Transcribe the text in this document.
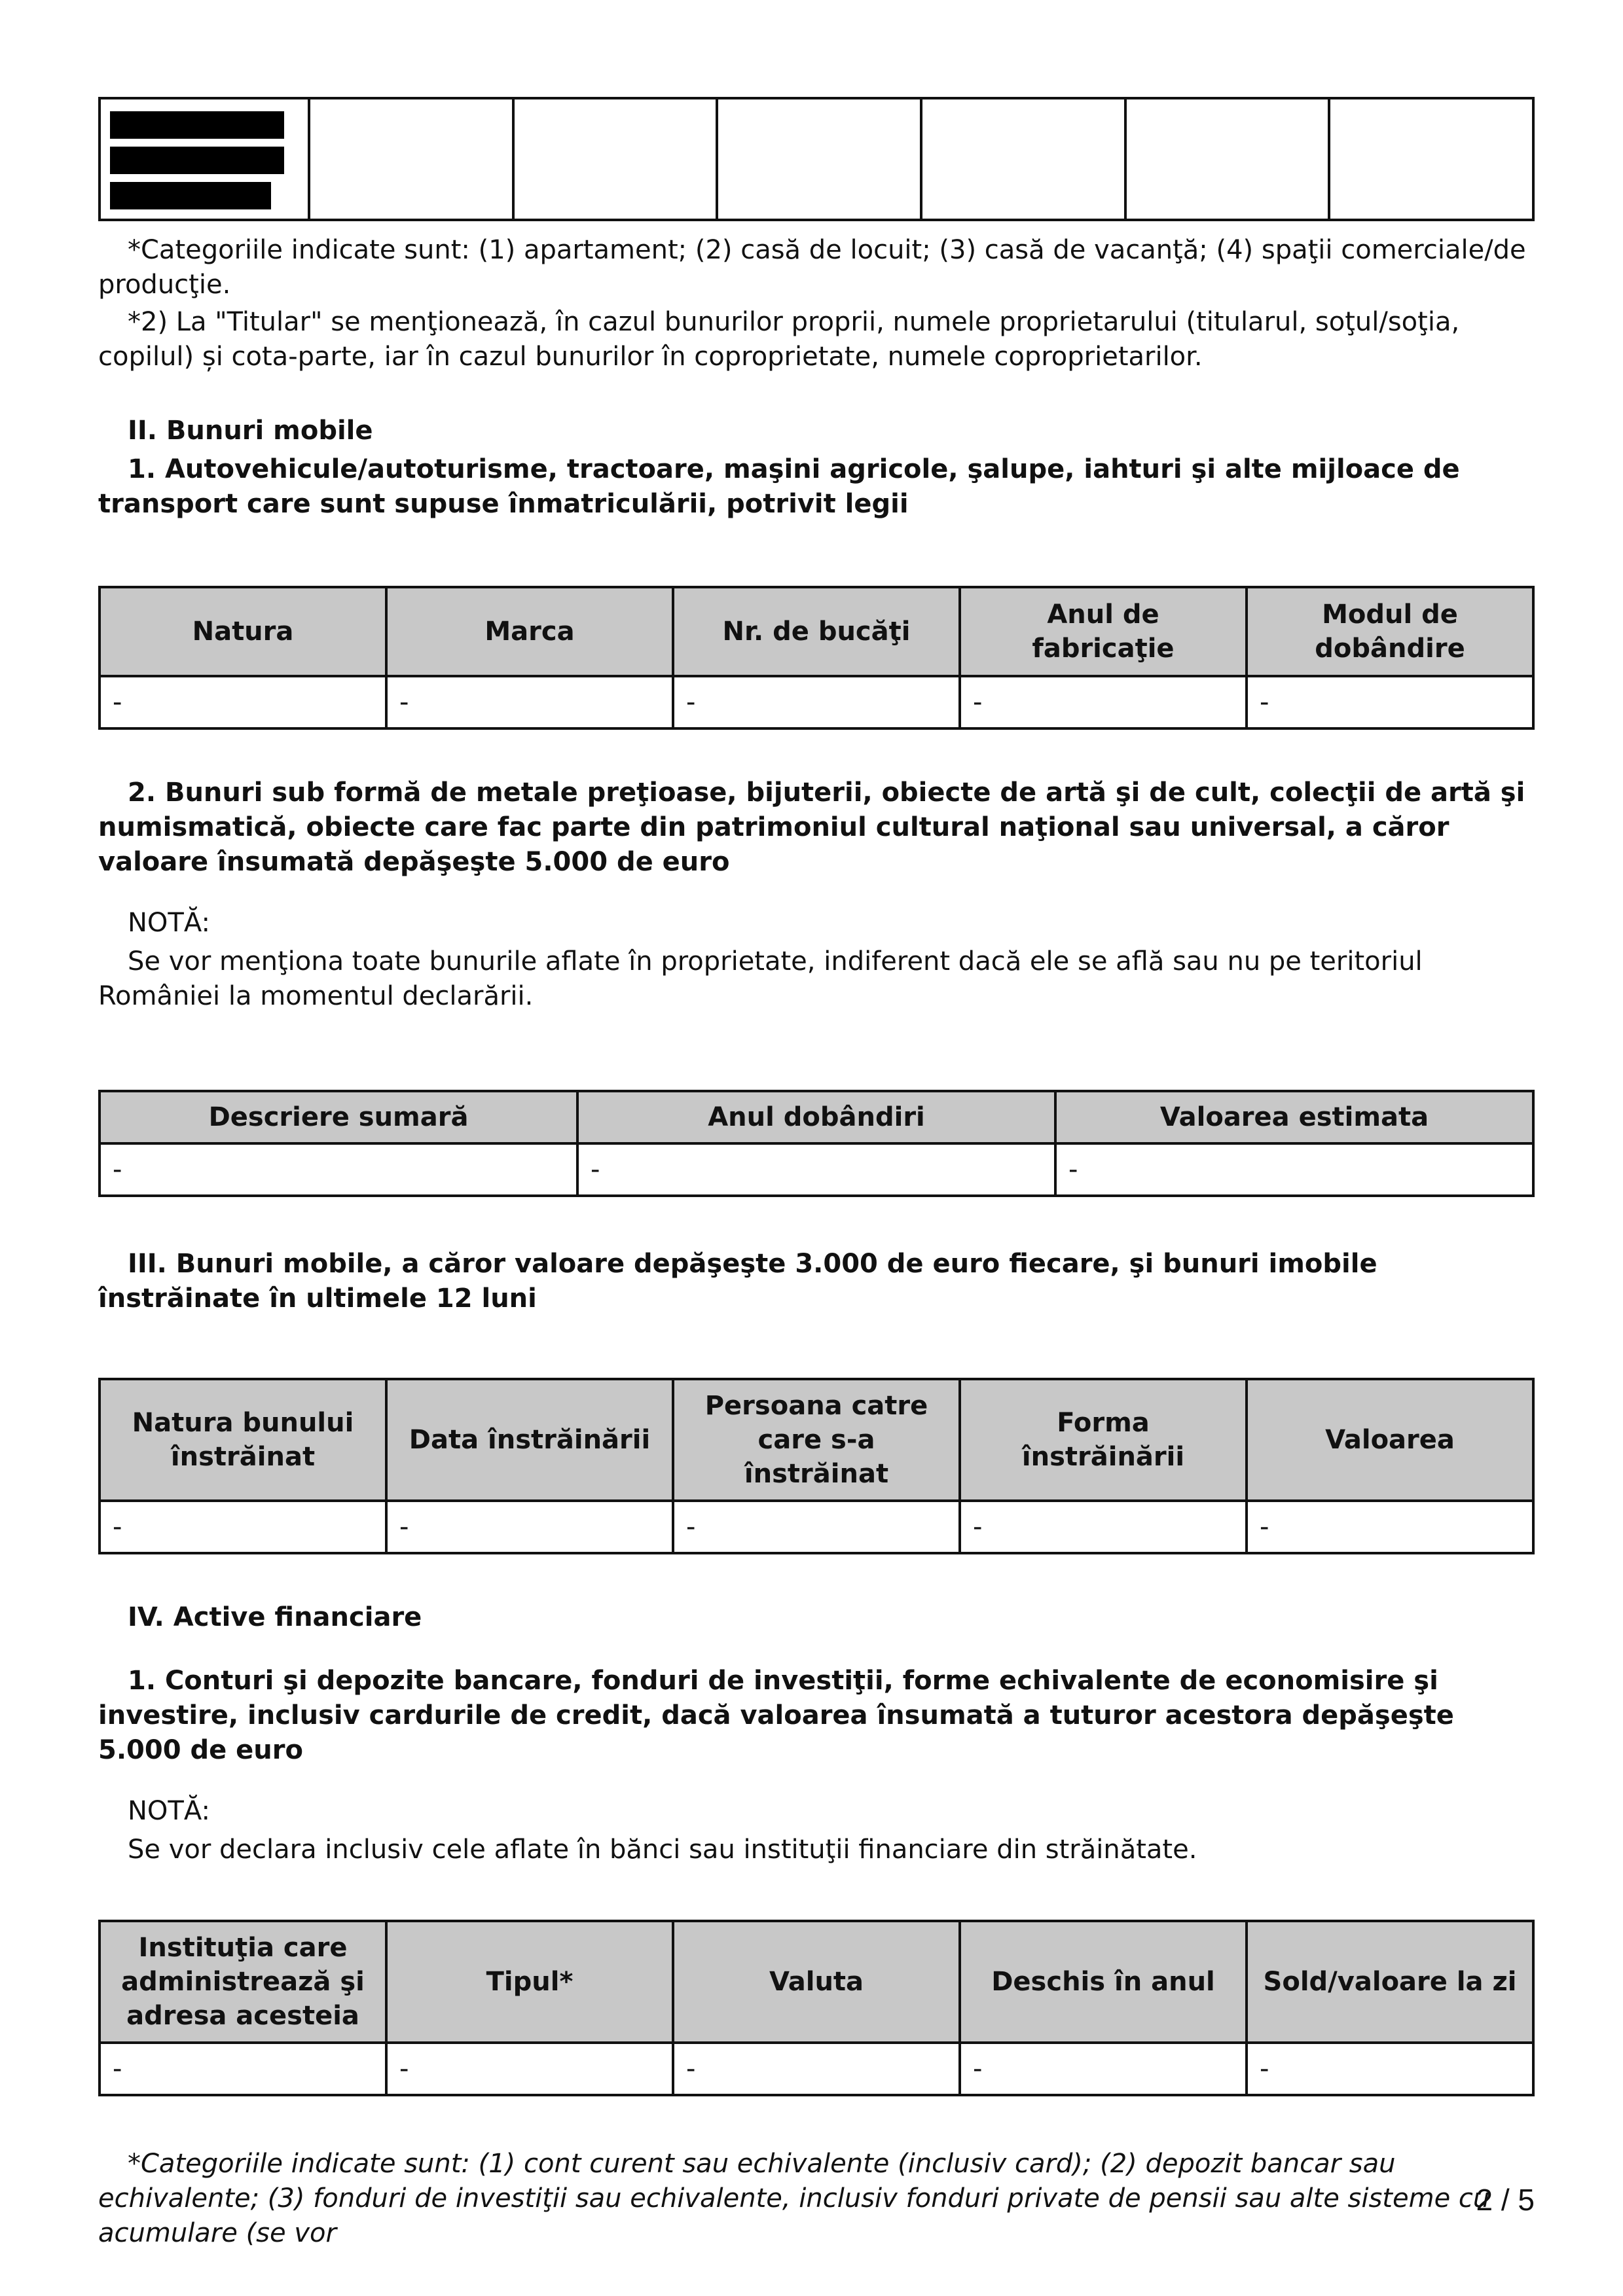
*Categoriile indicate sunt: (1) apartament; (2) casă de locuit; (3) casă de vacanţă; (4) spaţii comerciale/de producţie.

*2) La "Titular" se menţionează, în cazul bunurilor proprii, numele proprietarului (titularul, soţul/soţia, copilul) și cota-parte, iar în cazul bunurilor în coproprietate, numele coproprietarilor.

II. Bunuri mobile

1. Autovehicule/autoturisme, tractoare, maşini agricole, şalupe, iahturi şi alte mijloace de transport care sunt supuse înmatriculării, potrivit legii

Natura	Marca	Nr. de bucăţi	Anul de fabricaţie	Modul de dobândire
-	-	-	-	-

2. Bunuri sub formă de metale preţioase, bijuterii, obiecte de artă şi de cult, colecţii de artă şi numismatică, obiecte care fac parte din patrimoniul cultural naţional sau universal, a căror valoare însumată depăşeşte 5.000 de euro

NOTĂ:

Se vor menţiona toate bunurile aflate în proprietate, indiferent dacă ele se află sau nu pe teritoriul României la momentul declarării.

Descriere sumară	Anul dobândiri	Valoarea estimata
-	-	-

III. Bunuri mobile, a căror valoare depăşeşte 3.000 de euro fiecare, şi bunuri imobile înstrăinate în ultimele 12 luni

Natura bunului înstrăinat	Data înstrăinării	Persoana catre care s-a înstrăinat	Forma înstrăinării	Valoarea
-	-	-	-	-

IV. Active financiare

1. Conturi şi depozite bancare, fonduri de investiţii, forme echivalente de economisire şi investire, inclusiv cardurile de credit, dacă valoarea însumată a tuturor acestora depăşeşte 5.000 de euro

NOTĂ:

Se vor declara inclusiv cele aflate în bănci sau instituţii financiare din străinătate.

Instituţia care administrează şi adresa acesteia	Tipul*	Valuta	Deschis în anul	Sold/valoare la zi
-	-	-	-	-

*Categoriile indicate sunt: (1) cont curent sau echivalente (inclusiv card); (2) depozit bancar sau echivalente; (3) fonduri de investiţii sau echivalente, inclusiv fonduri private de pensii sau alte sisteme cu acumulare (se vor

2 / 5
